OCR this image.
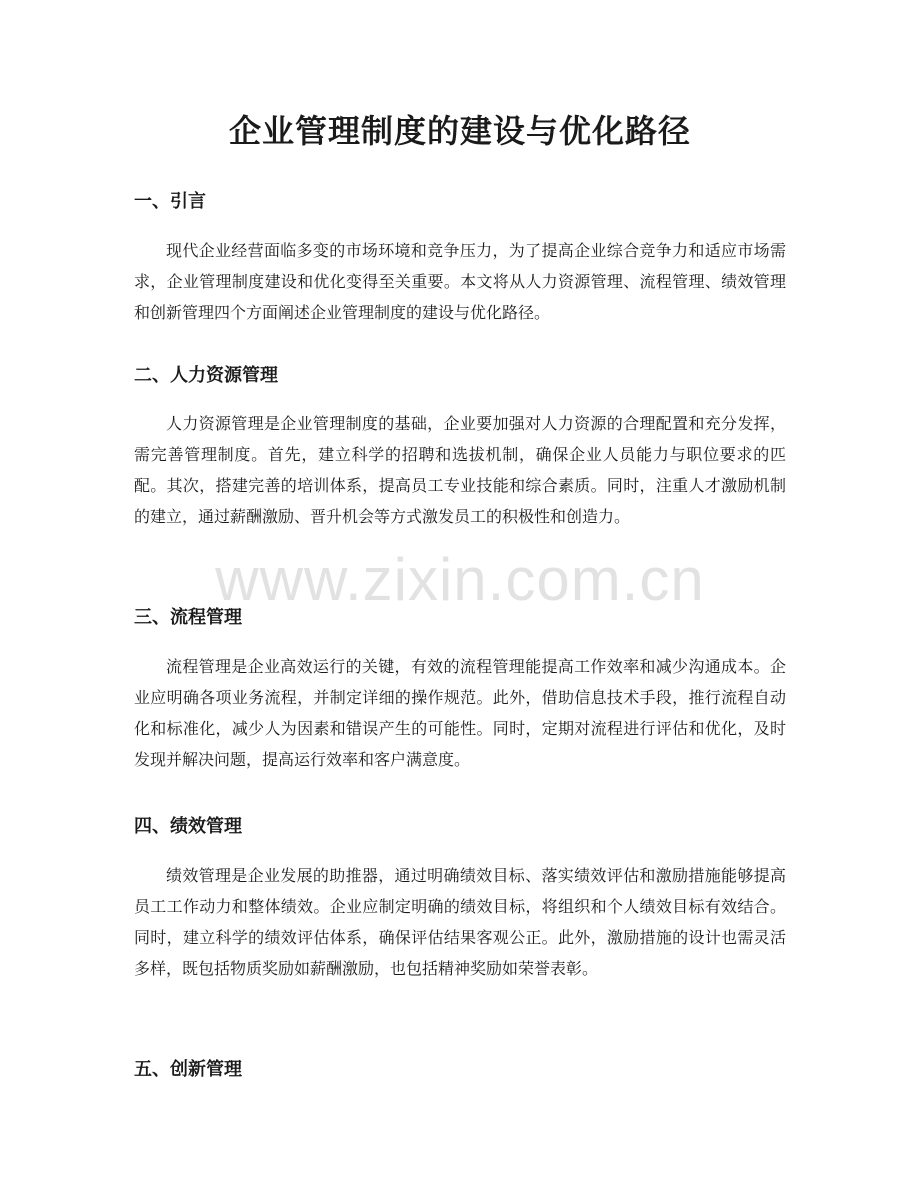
企业管理制度的建设与优化路径
一、引言

现代企业经营面临多变的市场环境和竞争压力，为了提高企业综合竞争力和适应市场需求，企业管理制度建设和优化变得至关重要。本文将从人力资源管理、流程管理、绩效管理和创新管理四个方面阐述企业管理制度的建设与优化路径。

二、人力资源管理

人力资源管理是企业管理制度的基础，企业要加强对人力资源的合理配置和充分发挥，需完善管理制度。首先，建立科学的招聘和选拔机制，确保企业人员能力与职位要求的匹配。其次，搭建完善的培训体系，提高员工专业技能和综合素质。同时，注重人才激励机制的建立，通过薪酬激励、晋升机会等方式激发员工的积极性和创造力。

三、流程管理

流程管理是企业高效运行的关键，有效的流程管理能提高工作效率和减少沟通成本。企业应明确各项业务流程，并制定详细的操作规范。此外，借助信息技术手段，推行流程自动化和标准化，减少人为因素和错误产生的可能性。同时，定期对流程进行评估和优化，及时发现并解决问题，提高运行效率和客户满意度。

四、绩效管理

绩效管理是企业发展的助推器，通过明确绩效目标、落实绩效评估和激励措施能够提高员工工作动力和整体绩效。企业应制定明确的绩效目标，将组织和个人绩效目标有效结合。同时，建立科学的绩效评估体系，确保评估结果客观公正。此外，激励措施的设计也需灵活多样，既包括物质奖励如薪酬激励，也包括精神奖励如荣誉表彰。

五、创新管理
www.zixin.com.cn
